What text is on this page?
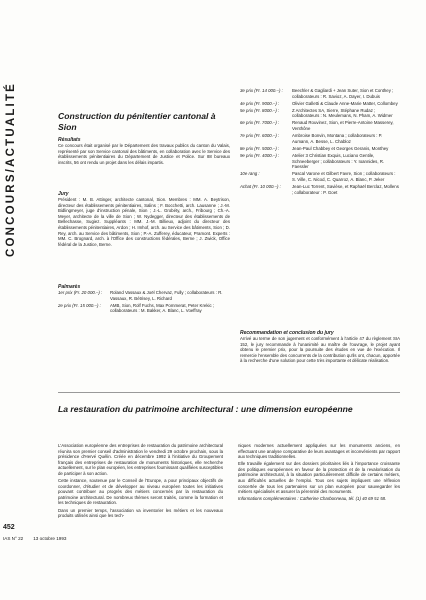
CONCOURS/ACTUALITÉ
452
IAS N° 22 13 octobre 1993
Construction du pénitentier cantonal à Sion
Résultats
Ce concours était organisé par le Département des travaux publics du canton du Valais, représenté par son Service cantonal des bâtiments, en collaboration avec le Service des établissements pénitentiaires du Département de Justice et Police. Sur 88 bureaux inscrits, 56 ont rendu un projet dans les délais impartis.
Jury
Président : M. B. Attinger, architecte cantonal, Sion. Membres : MM. A. Beytrison, directeur des établissements pénitentiaires, Salins ; F. Bocchetti, arch. Lausanne ; J.-M. Bidlingmeyer, juge d'instruction pénale, Sion ; J.-L. Grobéty, arch., Fribourg ; Ch.-A. Meyer, architecte de la ville de Sion ; W. Nydegger, directeur des établissements de Bellechasse, Sugiez. Suppléants : MM. J.-M. Billieux, adjoint du directeur des établissements pénitentiaires, Ardon ; H. Imhof, arch. au Service des bâtiments, Sion ; D. Rey, arch. au Service des bâtiments, Sion ; P.-A. Zufferey, éducateur, Pramont. Experts : MM. C. Brognard, arch. à l'Office des constructions fédérales, Berne ; J. Zwick, Office fédéral de la Justice, Berne.
Palmarès
1er prix (Fr. 20 000.–) :	Roland Vassaux & Joël Chervaz, Fully ; collaborateurs : R. Vassaux, R. Bétrisey, L. Richard
2e prix (Fr. 15 000.–) :	AMB, Sion, Rolf Fuchs, Max Pommerat, Peter Krekic ; collaborateurs : M. Bakker, A. Blanc, L. Voeffray
3e prix (Fr. 14 000.–) :	Beechler & Gagliardi + Jean Suter, Sion et Conthey ; collaborateurs : R. Savioz, A. Dayer, I. Dubuis
4e prix (Fr. 9000.–) :	Olivier Galletti & Claude Anne-Marie Matter, Collombey
5e prix (Fr. 8000.–) :	Z Architectes SA, Sierre, Stéphane Rudaz ; collaborateurs : N. Meulemans, N. Pham, A. Widmer
6e prix (Fr. 7000.–) :	Renaud Rouvinez, Sion, et Pierre-Antoine Masserey, Venthône
7e prix (Fr. 6000.–) :	Ambroise Bonvin, Montana ; collaborateurs : P. Aumann, A. Besse, L. Chabloz
8e prix (Fr. 5000.–) :	Jean-Paul Chabbey et Georges Geranis, Monthey
9e prix (Fr. 4000.–) :	Atelier 3 Christian Exquis, Luciano Gentile, Schneeberger ; collaborateurs : Y. Ioannides, R. Faessler
10e rang :	Pascal Varone et Gilbert Favre, Sion ; collaborateurs : S. Ville, C. Nicod, C. Quarroz, A. Blanc, P. Jeker
Achat (Fr. 10 000.–) :	Jean-Luc Torrent, Savièse, et Raphaël Berclaz, Mollens ; collaborateur : P. Goet
Recommandation et conclusion du jury
Arrivé au terme de son jugement et conformément à l'article 47 du règlement SIA 152, le jury recommande à l'unanimité au maître de l'ouvrage, le projet ayant obtenu le premier prix, pour la poursuite des études en vue de l'exécution. Il remercie l'ensemble des concurrents de la contribution qu'ils ont, chacun, apportée à la recherche d'une solution pour cette très importante et délicate réalisation.
La restauration du patrimoine architectural : une dimension européenne

L'Association européenne des entreprises de restauration du patrimoine architectural réunira son premier conseil d'administration le vendredi 29 octobre prochain, sous la présidence d'Hervé Quélin. Créée en décembre 1992 à l'initiative du Groupement français des entreprises de restauration de monuments historiques, elle recherche actuellement, sur le plan européen, les entreprises fournissant qualifiées susceptibles de participer à son action.

Cette instance, soutenue par le Conseil de l'Europe, a pour principaux objectifs de coordonner, d'étudier et de développer au niveau européen toutes les initiatives pouvant contribuer au progrès des métiers concernés par la restauration du patrimoine architectural. De nombreux thèmes seront traités, comme la formation et les techniques de restauration.

Dans un premier temps, l'association va inventorier les métiers et les nouveaux produits utilisés ainsi que les tech-

niques modernes actuellement appliquées sur les monuments anciens, en effectuant une analyse comparative de leurs avantages et inconvénients par rapport aux techniques traditionnelles.

Elle travaille également sur des dossiers prioritaires liés à l'importance croissante des politiques européennes en faveur de la protection et de la revalorisation du patrimoine architectural, à la situation particulièrement difficile de certains métiers, aux difficultés actuelles de l'emploi. Tous ces sujets impliquent une réflexion concertée de tous les partenaires sur un plan européen pour sauvegarder les métiers spécialisés et assurer la pérennité des monuments.

Informations complémentaires : Catherine Charbonneau, tél. (1) 40 69 51 58.
